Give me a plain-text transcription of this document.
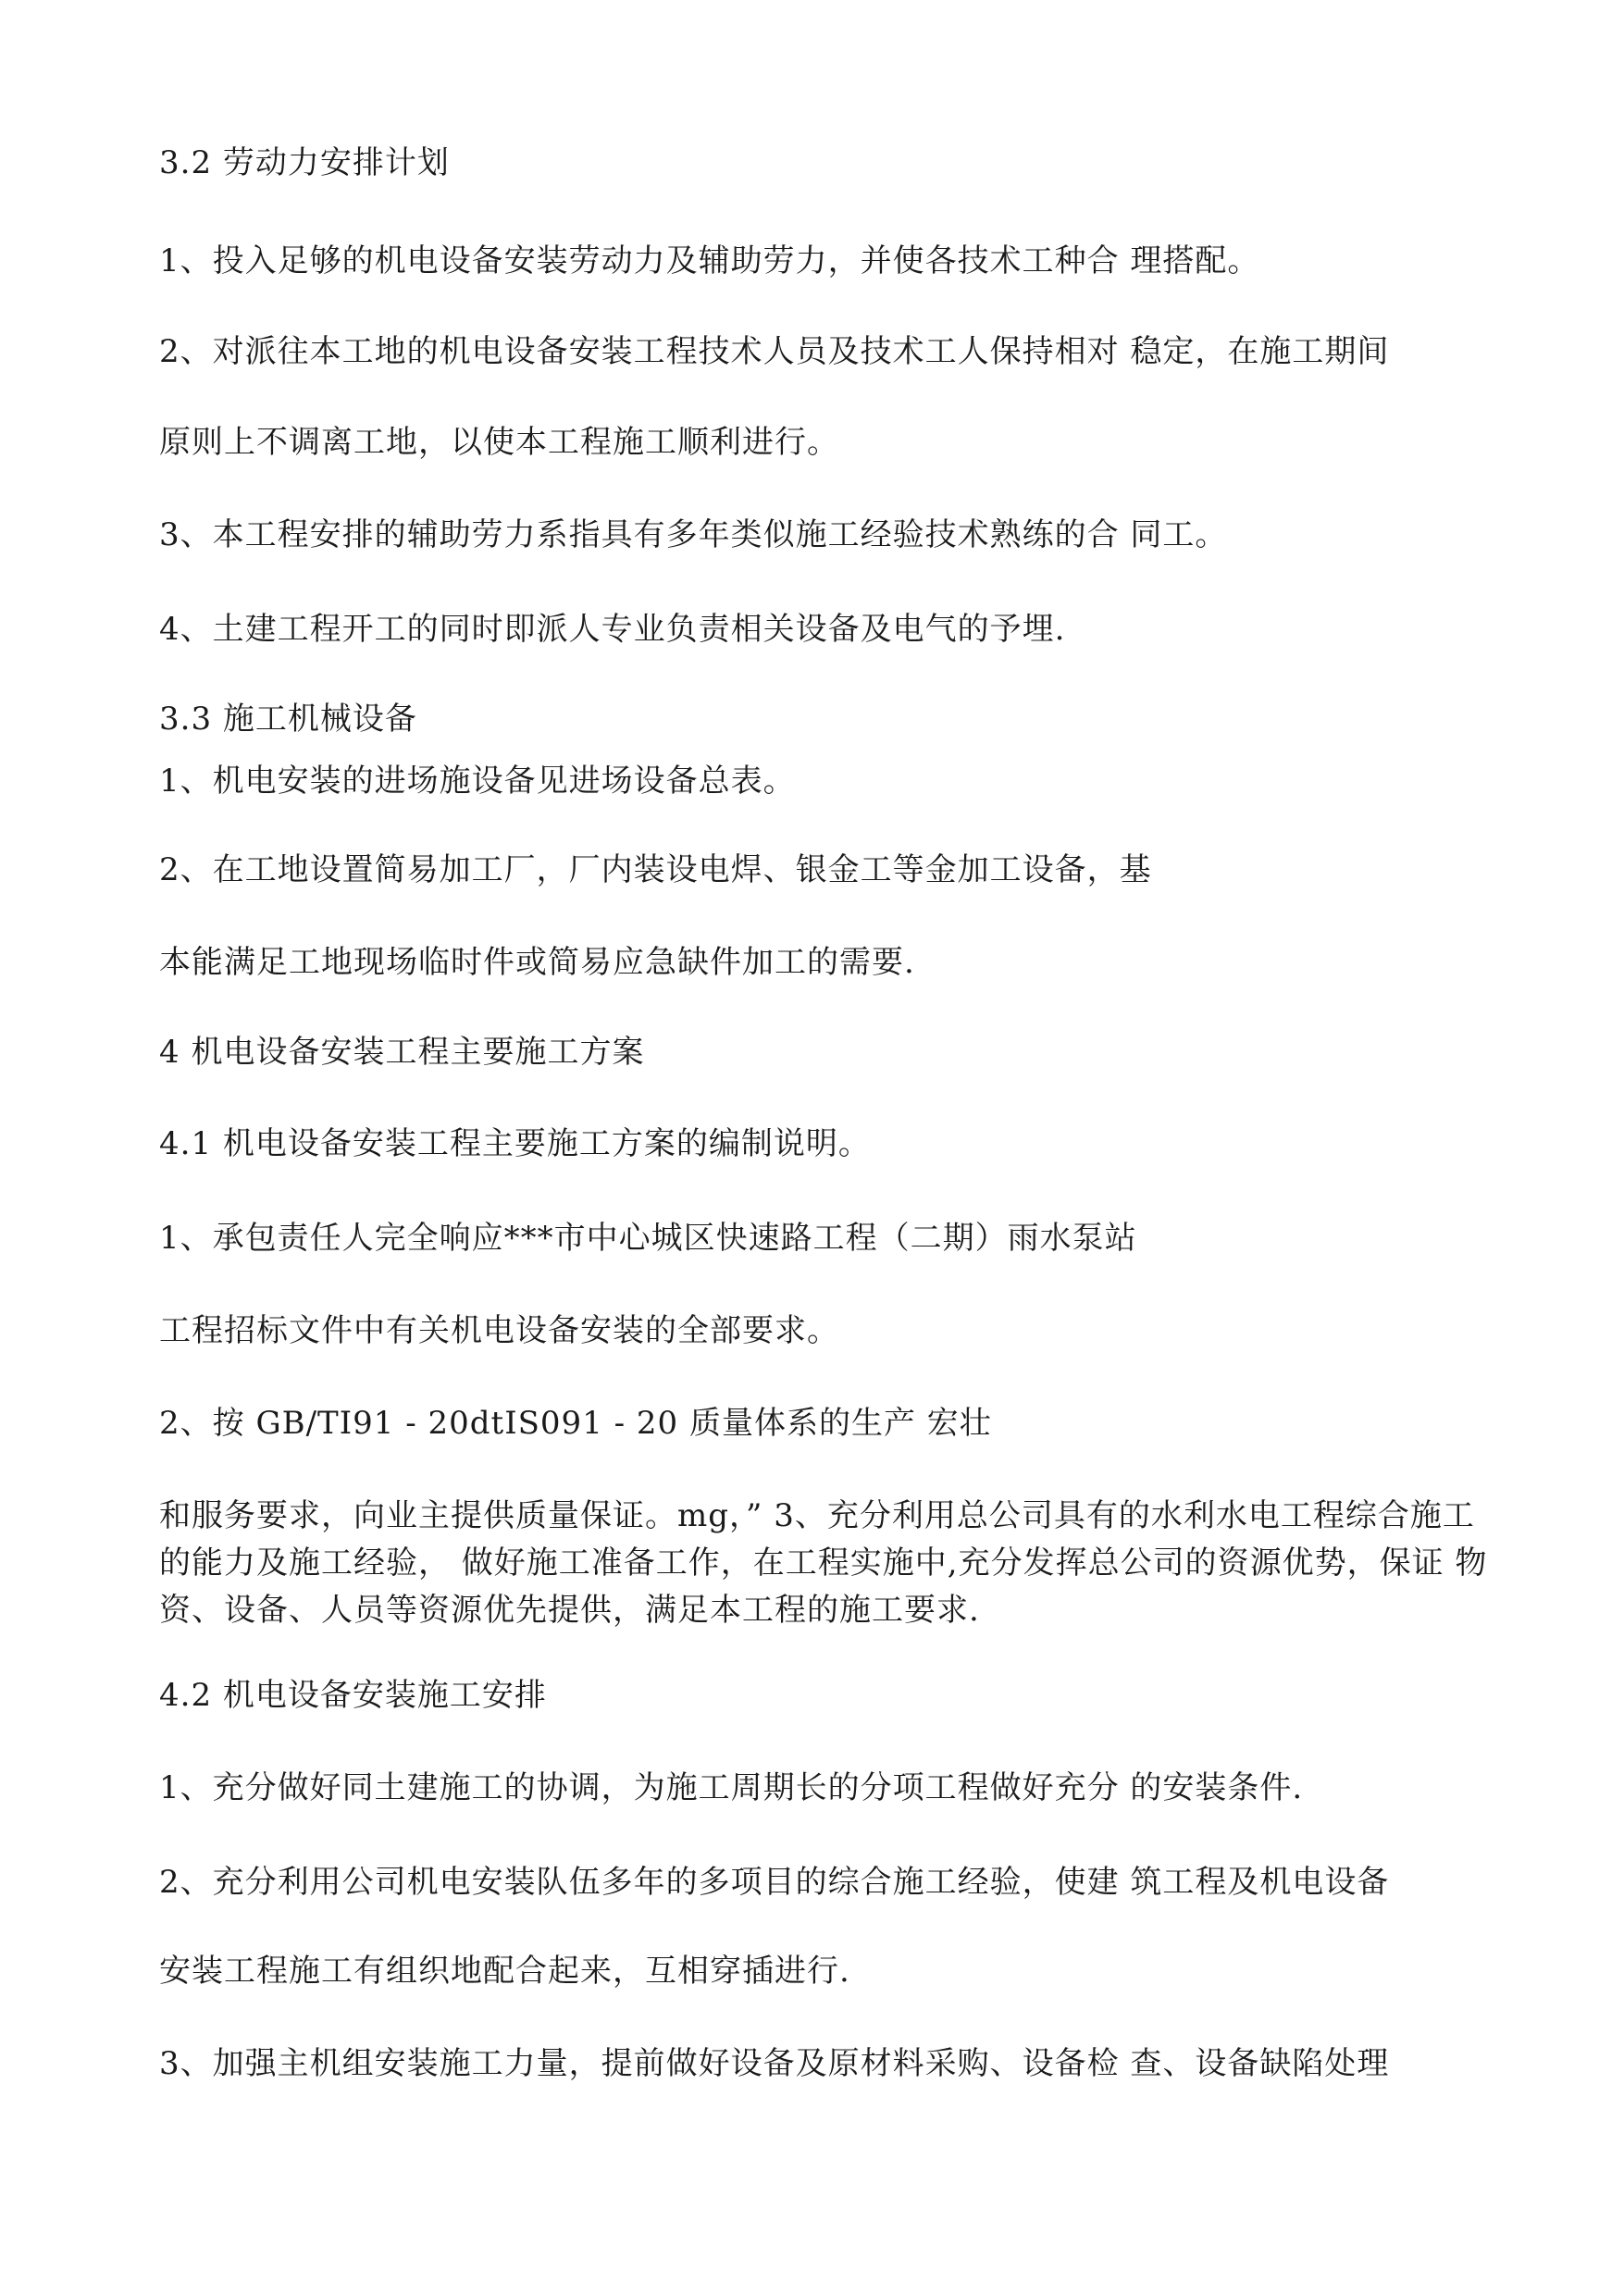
3.2 劳动力安排计划
1、投入足够的机电设备安装劳动力及辅助劳力，并使各技术工种合 理搭配。
2、对派往本工地的机电设备安装工程技术人员及技术工人保持相对 稳定，在施工期间
原则上不调离工地，以使本工程施工顺利进行。
3、本工程安排的辅助劳力系指具有多年类似施工经验技术熟练的合 同工。
4、土建工程开工的同时即派人专业负责相关设备及电气的予埋.
3.3 施工机械设备
1、机电安装的进场施设备见进场设备总表。
2、在工地设置简易加工厂，厂内装设电焊、银金工等金加工设备，基
本能满足工地现场临时件或简易应急缺件加工的需要.
4 机电设备安装工程主要施工方案
4.1 机电设备安装工程主要施工方案的编制说明。
1、承包责任人完全响应***市中心城区快速路工程（二期）雨水泵站
工程招标文件中有关机电设备安装的全部要求。
2、按 GB/TI91 - 20dtIS091 - 20 质量体系的生产 宏壮
和服务要求，向业主提供质量保证。mg，” 3、充分利用总公司具有的水利水电工程综合施工的能力及施工经验， 做好施工准备工作，在工程实施中,充分发挥总公司的资源优势，保证 物资、设备、人员等资源优先提供，满足本工程的施工要求.
4.2 机电设备安装施工安排
1、充分做好同土建施工的协调，为施工周期长的分项工程做好充分 的安装条件.
2、充分利用公司机电安装队伍多年的多项目的综合施工经验，使建 筑工程及机电设备
安装工程施工有组织地配合起来，互相穿插进行.
3、加强主机组安装施工力量，提前做好设备及原材料采购、设备检 查、设备缺陷处理
